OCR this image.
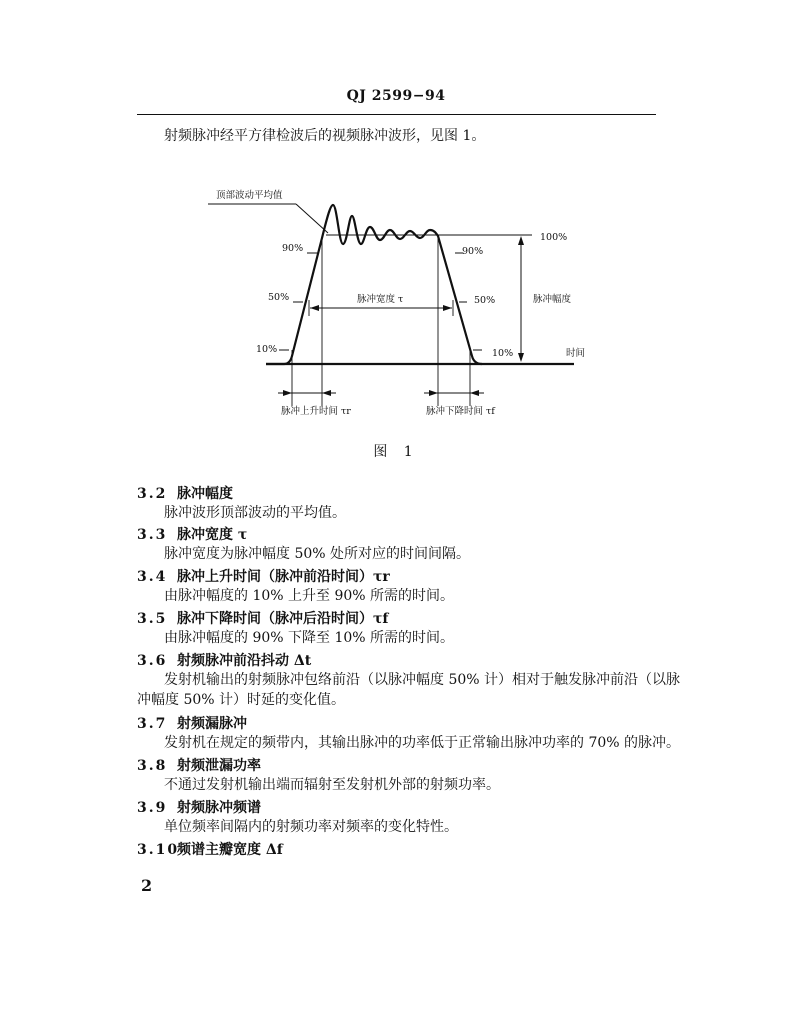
QJ 2599−94
射频脉冲经平方律检波后的视频脉冲波形，见图 1。
顶部波动平均值
100%
90%	90%
50%	50%
脉冲宽度 τ	脉冲幅度
10%	10%	时间
脉冲上升时间 τr	脉冲下降时间 τf
图 1
3.2 脉冲幅度
脉冲波形顶部波动的平均值。
3.3 脉冲宽度 τ
脉冲宽度为脉冲幅度 50% 处所对应的时间间隔。
3.4 脉冲上升时间（脉冲前沿时间）τr
由脉冲幅度的 10% 上升至 90% 所需的时间。
3.5 脉冲下降时间（脉冲后沿时间）τf
由脉冲幅度的 90% 下降至 10% 所需的时间。
3.6 射频脉冲前沿抖动 Δt
发射机输出的射频脉冲包络前沿（以脉冲幅度 50% 计）相对于触发脉冲前沿（以脉
冲幅度 50% 计）时延的变化值。
3.7 射频漏脉冲
发射机在规定的频带内，其输出脉冲的功率低于正常输出脉冲功率的 70% 的脉冲。
3.8 射频泄漏功率
不通过发射机输出端而辐射至发射机外部的射频功率。
3.9 射频脉冲频谱
单位频率间隔内的射频功率对频率的变化特性。
3.10频谱主瓣宽度 Δf
2
